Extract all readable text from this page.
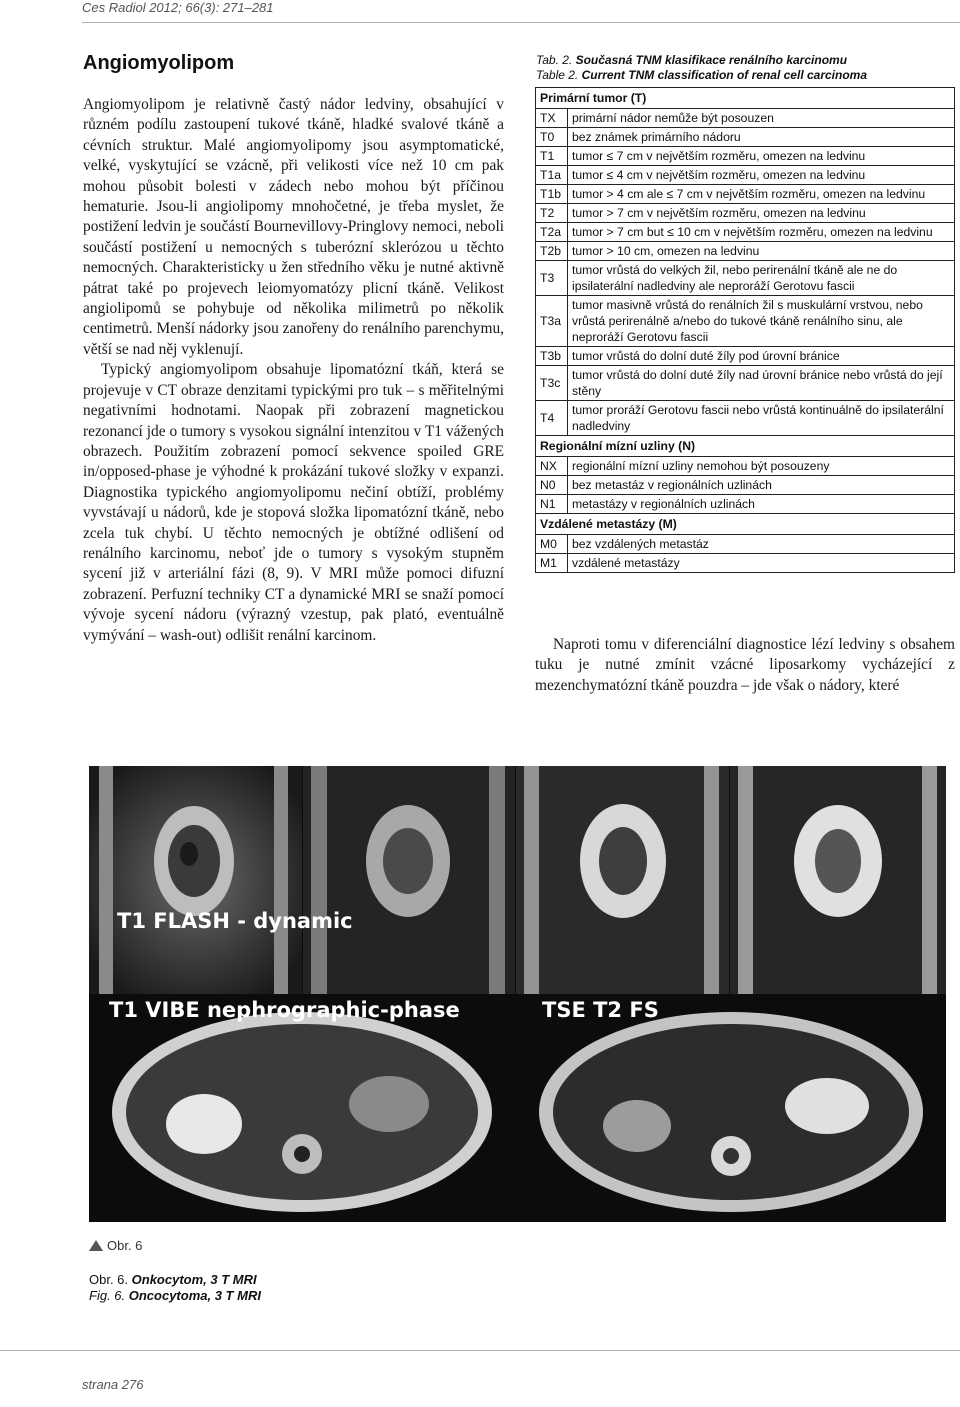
Ces Radiol 2012; 66(3): 271–281
Angiomyolipom

Angiomyolipom je relativně častý nádor ledviny, obsahující v různém podílu zastoupení tukové tkáně, hladké svalové tkáně a cévních struktur. Malé angiomyolipomy jsou asymptomatické, velké, vyskytující se vzácně, při velikosti více než 10 cm pak mohou působit bolesti v zádech nebo mohou být příčinou hematurie. Jsou-li angiolipomy mnohočetné, je třeba myslet, že postižení ledvin je součástí Bournevillovy-Pringlovy nemoci, neboli součástí postižení u nemocných s tuberózní sklerózou u těchto nemocných. Charakteristicky u žen středního věku je nutné aktivně pátrat také po projevech leiomyomatózy plicní tkáně. Velikost angiolipomů se pohybuje od několika milimetrů po několik centimetrů. Menší nádorky jsou zanořeny do renálního parenchymu, větší se nad něj vyklenují.

Typický angiomyolipom obsahuje lipomatózní tkáň, která se projevuje v CT obraze denzitami typickými pro tuk – s měřitelnými negativními hodnotami. Naopak při zobrazení magnetickou rezonancí jde o tumory s vysokou signální intenzitou v T1 vážených obrazech. Použitím zobrazení pomocí sekvence spoiled GRE in/opposed-phase je výhodné k prokázání tukové složky v expanzi. Diagnostika typického angiomyolipomu nečiní obtíží, problémy vyvstávají u nádorů, kde je stopová složka lipomatózní tkáně, nebo zcela tuk chybí. U těchto nemocných je obtížné odlišení od renálního karcinomu, neboť jde o tumory s vysokým stupněm sycení již v arteriální fázi (8, 9). V MRI může pomoci difuzní zobrazení. Perfuzní techniky CT a dynamické MRI se snaží pomocí vývoje sycení nádoru (výrazný vzestup, pak plató, eventuálně vymývání – wash-out) odlišit renální karcinom.

Tab. 2. Současná TNM klasifikace renálního karcinomu
Table 2. Current TNM classification of renal cell carcinoma
Primární tumor (T)	
TX	primární nádor nemůže být posouzen
T0	bez známek primárního nádoru
T1	tumor ≤ 7 cm v největším rozměru, omezen na ledvinu
T1a	tumor ≤ 4 cm v největším rozměru, omezen na ledvinu
T1b	tumor > 4 cm ale ≤ 7 cm v největším rozměru, omezen na ledvinu
T2	tumor > 7 cm v největším rozměru, omezen na ledvinu
T2a	tumor > 7 cm but ≤ 10 cm v největším rozměru, omezen na ledvinu
T2b	tumor > 10 cm, omezen na ledvinu
T3	tumor vrůstá do velkých žil, nebo perirenální tkáně ale ne do ipsilaterální nadledviny ale neproráží Gerotovu fascii
T3a	tumor masivně vrůstá do renálních žil s muskulární vrstvou, nebo vrůstá perirenálně a/nebo do tukové tkáně renálního sinu, ale neproráží Gerotovu fascii
T3b	tumor vrůstá do dolní duté žíly pod úrovní bránice
T3c	tumor vrůstá do dolní duté žíly nad úrovní bránice nebo vrůstá do její stěny
T4	tumor proráží Gerotovu fascii nebo vrůstá kontinuálně do ipsilaterální nadledviny
Regionální mízní uzliny (N)	
NX	regionální mízní uzliny nemohou být posouzeny
N0	bez metastáz v regionálních uzlinách
N1	metastázy v regionálních uzlinách
Vzdálené metastázy (M)	
M0	bez vzdálených metastáz
M1	vzdálené metastázy
Naproti tomu v diferenciální diagnostice lézí ledviny s obsahem tuku je nutné zmínit vzácné liposarkomy vycházející z mezenchymatózní tkáně pouzdra – jde však o nádory, které
T1 FLASH - dynamic
T1 VIBE nephrographic-phase	TSE T2 FS
Obr. 6
Obr. 6. Onkocytom, 3 T MRI
Fig. 6. Oncocytoma, 3 T MRI
strana 276
